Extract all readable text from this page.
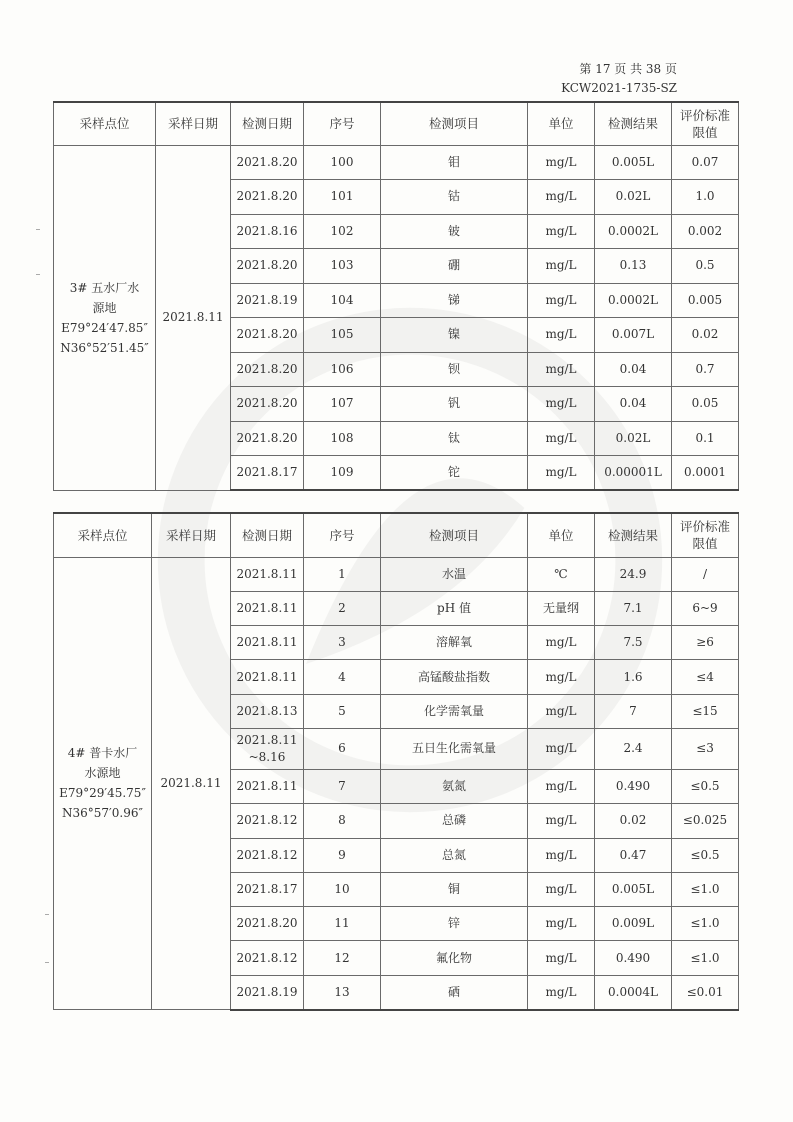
第 17 页 共 38 页
KCW2021-1735-SZ
采样点位	采样日期	检测日期	序号	检测项目	单位	检测结果	评价标准限值

3# 五水厂水
源地
E79°24′47.85″
N36°52′51.45″	2021.8.11	2021.8.20	100	钼	mg/L	0.005L	0.07
		2021.8.20	101	钴	mg/L	0.02L	1.0
		2021.8.16	102	铍	mg/L	0.0002L	0.002
		2021.8.20	103	硼	mg/L	0.13	0.5
		2021.8.19	104	锑	mg/L	0.0002L	0.005
		2021.8.20	105	镍	mg/L	0.007L	0.02
		2021.8.20	106	钡	mg/L	0.04	0.7
		2021.8.20	107	钒	mg/L	0.04	0.05
		2021.8.20	108	钛	mg/L	0.02L	0.1
		2021.8.17	109	铊	mg/L	0.00001L	0.0001
采样点位	采样日期	检测日期	序号	检测项目	单位	检测结果	评价标准限值

4# 普卡水厂
水源地
E79°29′45.75″
N36°57′0.96″	2021.8.11	2021.8.11	1	水温	℃	24.9	/
		2021.8.11	2	pH 值	无量纲	7.1	6~9
		2021.8.11	3	溶解氧	mg/L	7.5	≥6
		2021.8.11	4	高锰酸盐指数	mg/L	1.6	≤4
		2021.8.13	5	化学需氧量	mg/L	7	≤15
		2021.8.11
~8.16	6	五日生化需氧量	mg/L	2.4	≤3
		2021.8.11	7	氨氮	mg/L	0.490	≤0.5
		2021.8.12	8	总磷	mg/L	0.02	≤0.025
		2021.8.12	9	总氮	mg/L	0.47	≤0.5
		2021.8.17	10	铜	mg/L	0.005L	≤1.0
		2021.8.20	11	锌	mg/L	0.009L	≤1.0
		2021.8.12	12	氟化物	mg/L	0.490	≤1.0
		2021.8.19	13	硒	mg/L	0.0004L	≤0.01
